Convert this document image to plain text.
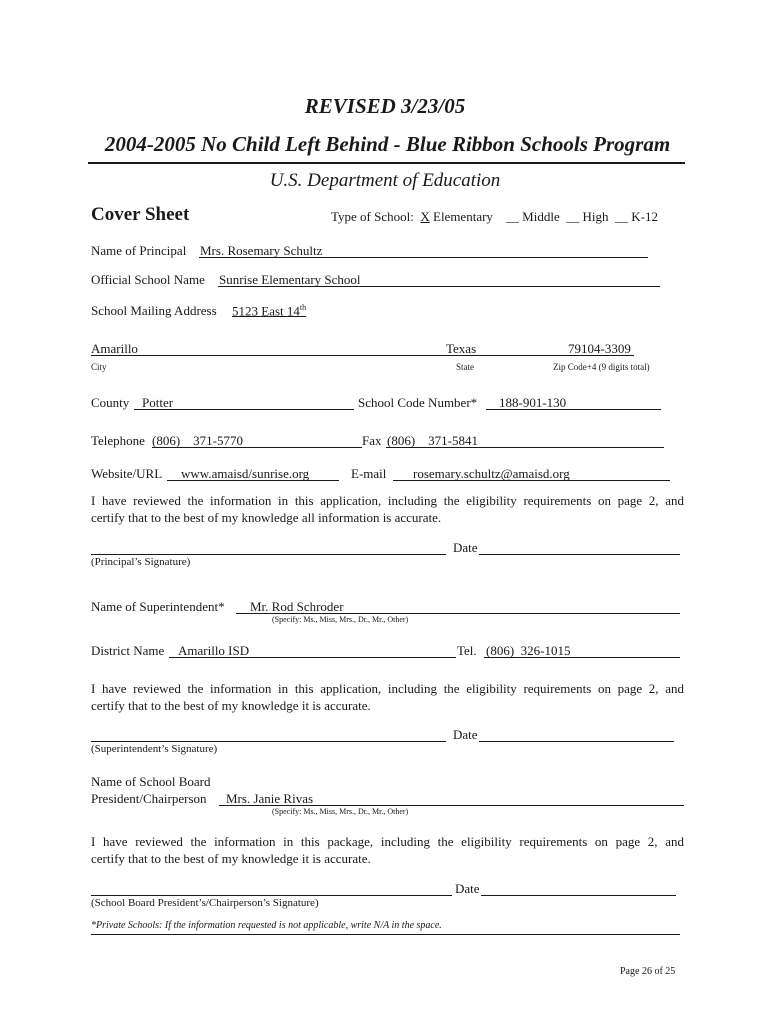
REVISED 3/23/05
2004-2005 No Child Left Behind - Blue Ribbon Schools Program
U.S. Department of Education
Cover Sheet	Type of School: X Elementary __ Middle __ High __ K-12
Name of Principal Mrs. Rosemary Schultz
Official School Name Sunrise Elementary School
School Mailing Address 5123 East 14th
Amarillo	Texas	79104-3309
City	State	Zip Code+4 (9 digits total)
County Potter	School Code Number* 188-901-130
Telephone (806)    371-5770	Fax (806)    371-5841
Website/URL www.amaisd/sunrise.org	E-mail rosemary.schultz@amaisd.org
I have reviewed the information in this application, including the eligibility requirements on page 2, and
certify that to the best of my knowledge all information is accurate.
Date
(Principal’s Signature)
Name of Superintendent* Mr. Rod Schroder
(Specify: Ms., Miss, Mrs., Dr., Mr., Other)
District Name Amarillo ISD	Tel. (806)  326-1015
I have reviewed the information in this application, including the eligibility requirements on page 2, and
certify that to the best of my knowledge it is accurate.
Date
(Superintendent’s Signature)
Name of School Board
President/Chairperson Mrs. Janie Rivas
(Specify: Ms., Miss, Mrs., Dr., Mr., Other)
I have reviewed the information in this package, including the eligibility requirements on page 2, and
certify that to the best of my knowledge it is accurate.
Date
(School Board President’s/Chairperson’s Signature)
*Private Schools: If the information requested is not applicable, write N/A in the space.
Page 26 of 25
